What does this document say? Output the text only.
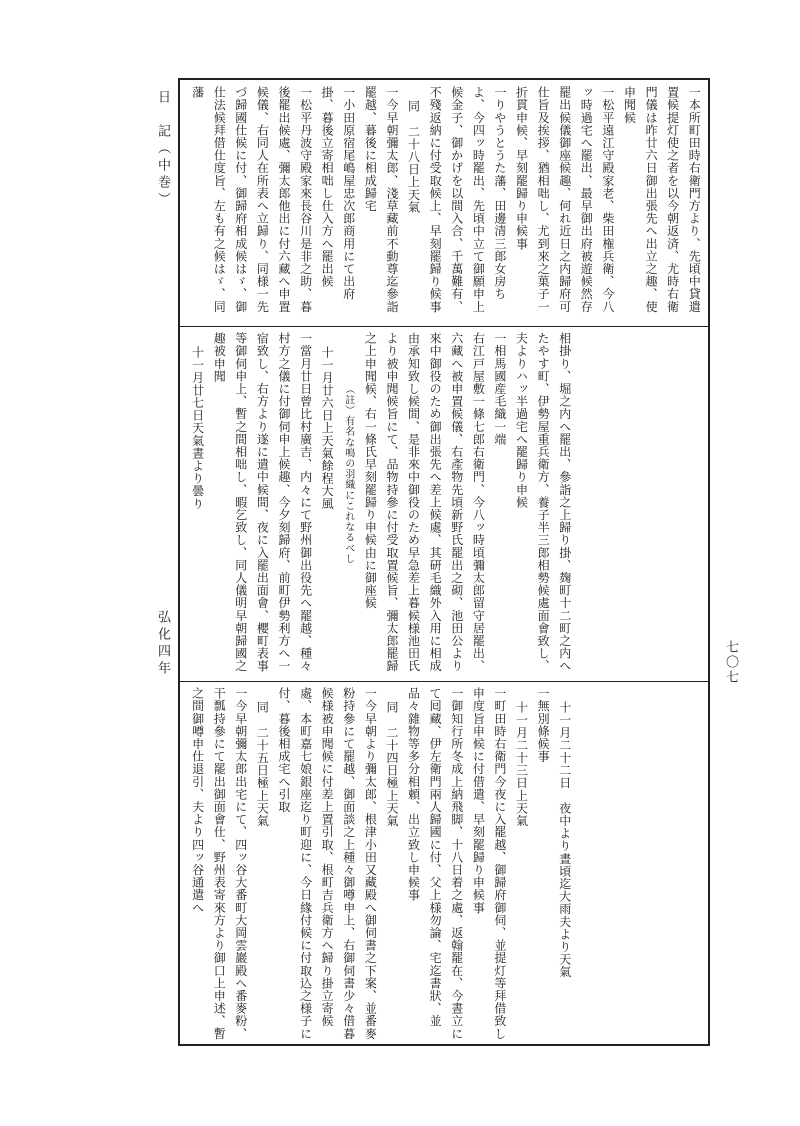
日　記（中巻）
弘化四年	七〇七

一本所町田時右衛門方より、先頃中貸遣置候提灯使之者を以今朝返済、尤時右衛門儀は昨廿六日御出張先へ出立之趣、使申聞候

一松平遠江守殿家老、柴田権兵衛、今八ッ時過宅へ罷出、最早御出府被遊候然存罷出候儀御座候趣、何れ近日之内歸府可仕旨及挨拶、猶相咄し、尤到來之菓子一折貫申候、早刻罷歸り申候事

一りやうとうた藩、田邊清三郎女房ちよ、今四ッ時罷出、先頃中立て御願申上候金子、御かげを以間入合、千萬難有、不殘返納に付受取候上、早刻罷歸り候事

同　二十八日上天氣

一今早朝彌太郎、淺草藏前不動尊迄參詣罷越、暮後に相成歸宅

一小田原宿尾嶋屋忠次郎商用にて出府掛、暮後立寄相咄し仕入方へ罷出候

一松平丹波守殿家來長谷川是非之助、暮後罷出候處、彌太郎他出に付六藏へ申置候儀、右同人在所表へ立歸り、同様一先づ歸國仕候に付、御歸府相成候はゞ、御仕法候拜借仕度旨、左も有之候はゞ、同藩

相掛り、堀之内へ罷出、參詣之上歸り掛、麹町十二町之内へたやす町、伊勢屋重兵衛方、養子半三郎相勢候處面會致し、夫よりハッ半過宅へ罷歸り申候

一相馬國産毛織一端

右江戸屋敷一條七郎右衛門、今八ッ時頃彌太郎留守居罷出、六藏へ被申置候儀、右產物先頃新野氏罷出之砌、池田公より來中御役のため御出張先へ差上候處、其硏毛織外入用に相成由承知致し候間、是非來中御役のため早急差上暮候様池田氏より被申聞候旨にて、品物持參に付受取置候旨、彌太郎罷歸之上申聞候、右一條氏早刻罷歸り申候由に御座候

（註）有名な鳴の羽織にこれなるべし

十一月廿六日上天氣餘程大風

一當月廿日曾比村廣吉、内々にて野州御出役先へ罷越、種々村方之儀に付御伺申上候趣、今夕刻歸府、前町伊勢利方へ一宿致し、右方より遂に遣中候間、夜に入罷出面會、櫻町表事等御伺申上、暫之間相咄し、暇乞致し、同人儀明早朝歸國之趣被申聞

十一月廿七日天氣晝より曇り

十一月二十二日　夜中より晝頃迄大雨夫より天氣

一無別條候事

十一月二十三日上天氣

一町田時右衛門今夜に入罷越、御歸府御伺、並提灯等拜借致し申度旨申候に付借遣、早刻罷歸り申候事

一御知行所冬成上納飛脚、十八日着之處、返翰罷在、今晝立に て囘藏、伊左衛門兩人歸國に付、父上様勿論、宅迄書狀、並品々雜物等多分相頼、出立致し申候事

同　二十四日極上天氣

一今早朝より彌太郎、根津小田又藏殿へ御伺書之下案、並番麥粉持參にて罷越、御面談之上種々御噂申上、右御伺書少々借暮候様被申聞候に付差上置引取、根町吉兵衛方へ歸り掛立寄候處、本町嘉七娘銀座迄り町迎に、今日緣付候に付取込之様子に付、暮後相成宅へ引取

同　二十五日極上天氣

一今早朝彌太郎出宅にて、四ッ谷大番町大岡雲巖殿へ番麥粉、干瓢持參にて罷出御面會仕、野州表寄來方より御口上申述、暫之間御噂申仕退引、夫より四ッ谷通遣へ
